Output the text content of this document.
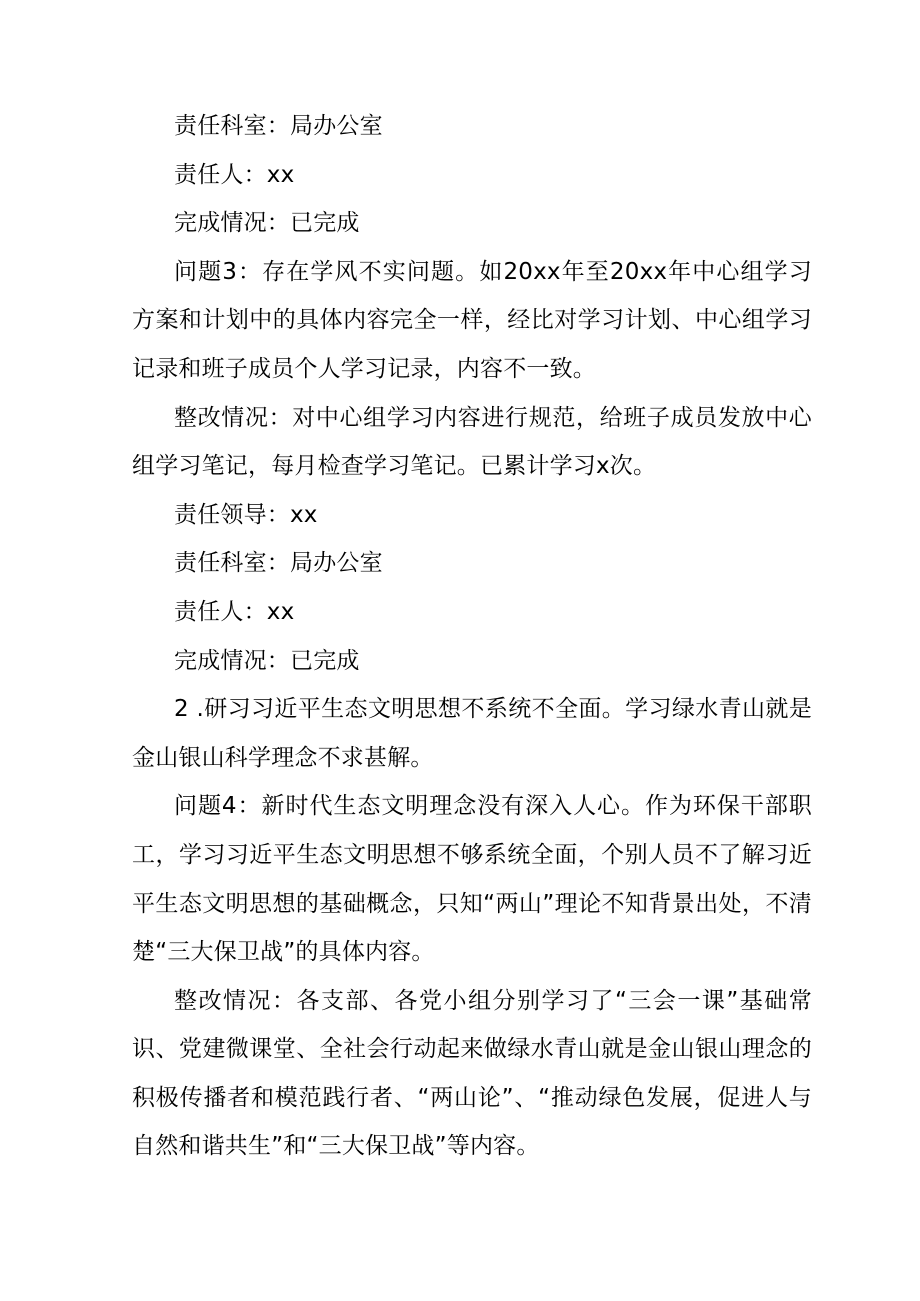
责任科室：局办公室

责任人：xx

完成情况：已完成

问题3：存在学风不实问题。如20xx年至20xx年中心组学习方案和计划中的具体内容完全一样，经比对学习计划、中心组学习记录和班子成员个人学习记录，内容不一致。

整改情况：对中心组学习内容进行规范，给班子成员发放中心组学习笔记，每月检查学习笔记。已累计学习x次。

责任领导：xx

责任科室：局办公室

责任人：xx

完成情况：已完成

2 .研习习近平生态文明思想不系统不全面。学习绿水青山就是金山银山科学理念不求甚解。

问题4：新时代生态文明理念没有深入人心。作为环保干部职工，学习习近平生态文明思想不够系统全面，个别人员不了解习近平生态文明思想的基础概念，只知“两山”理论不知背景出处，不清楚“三大保卫战”的具体内容。

整改情况：各支部、各党小组分别学习了“三会一课”基础常识、党建微课堂、全社会行动起来做绿水青山就是金山银山理念的积极传播者和模范践行者、“两山论”、“推动绿色发展，促进人与自然和谐共生”和“三大保卫战”等内容。
